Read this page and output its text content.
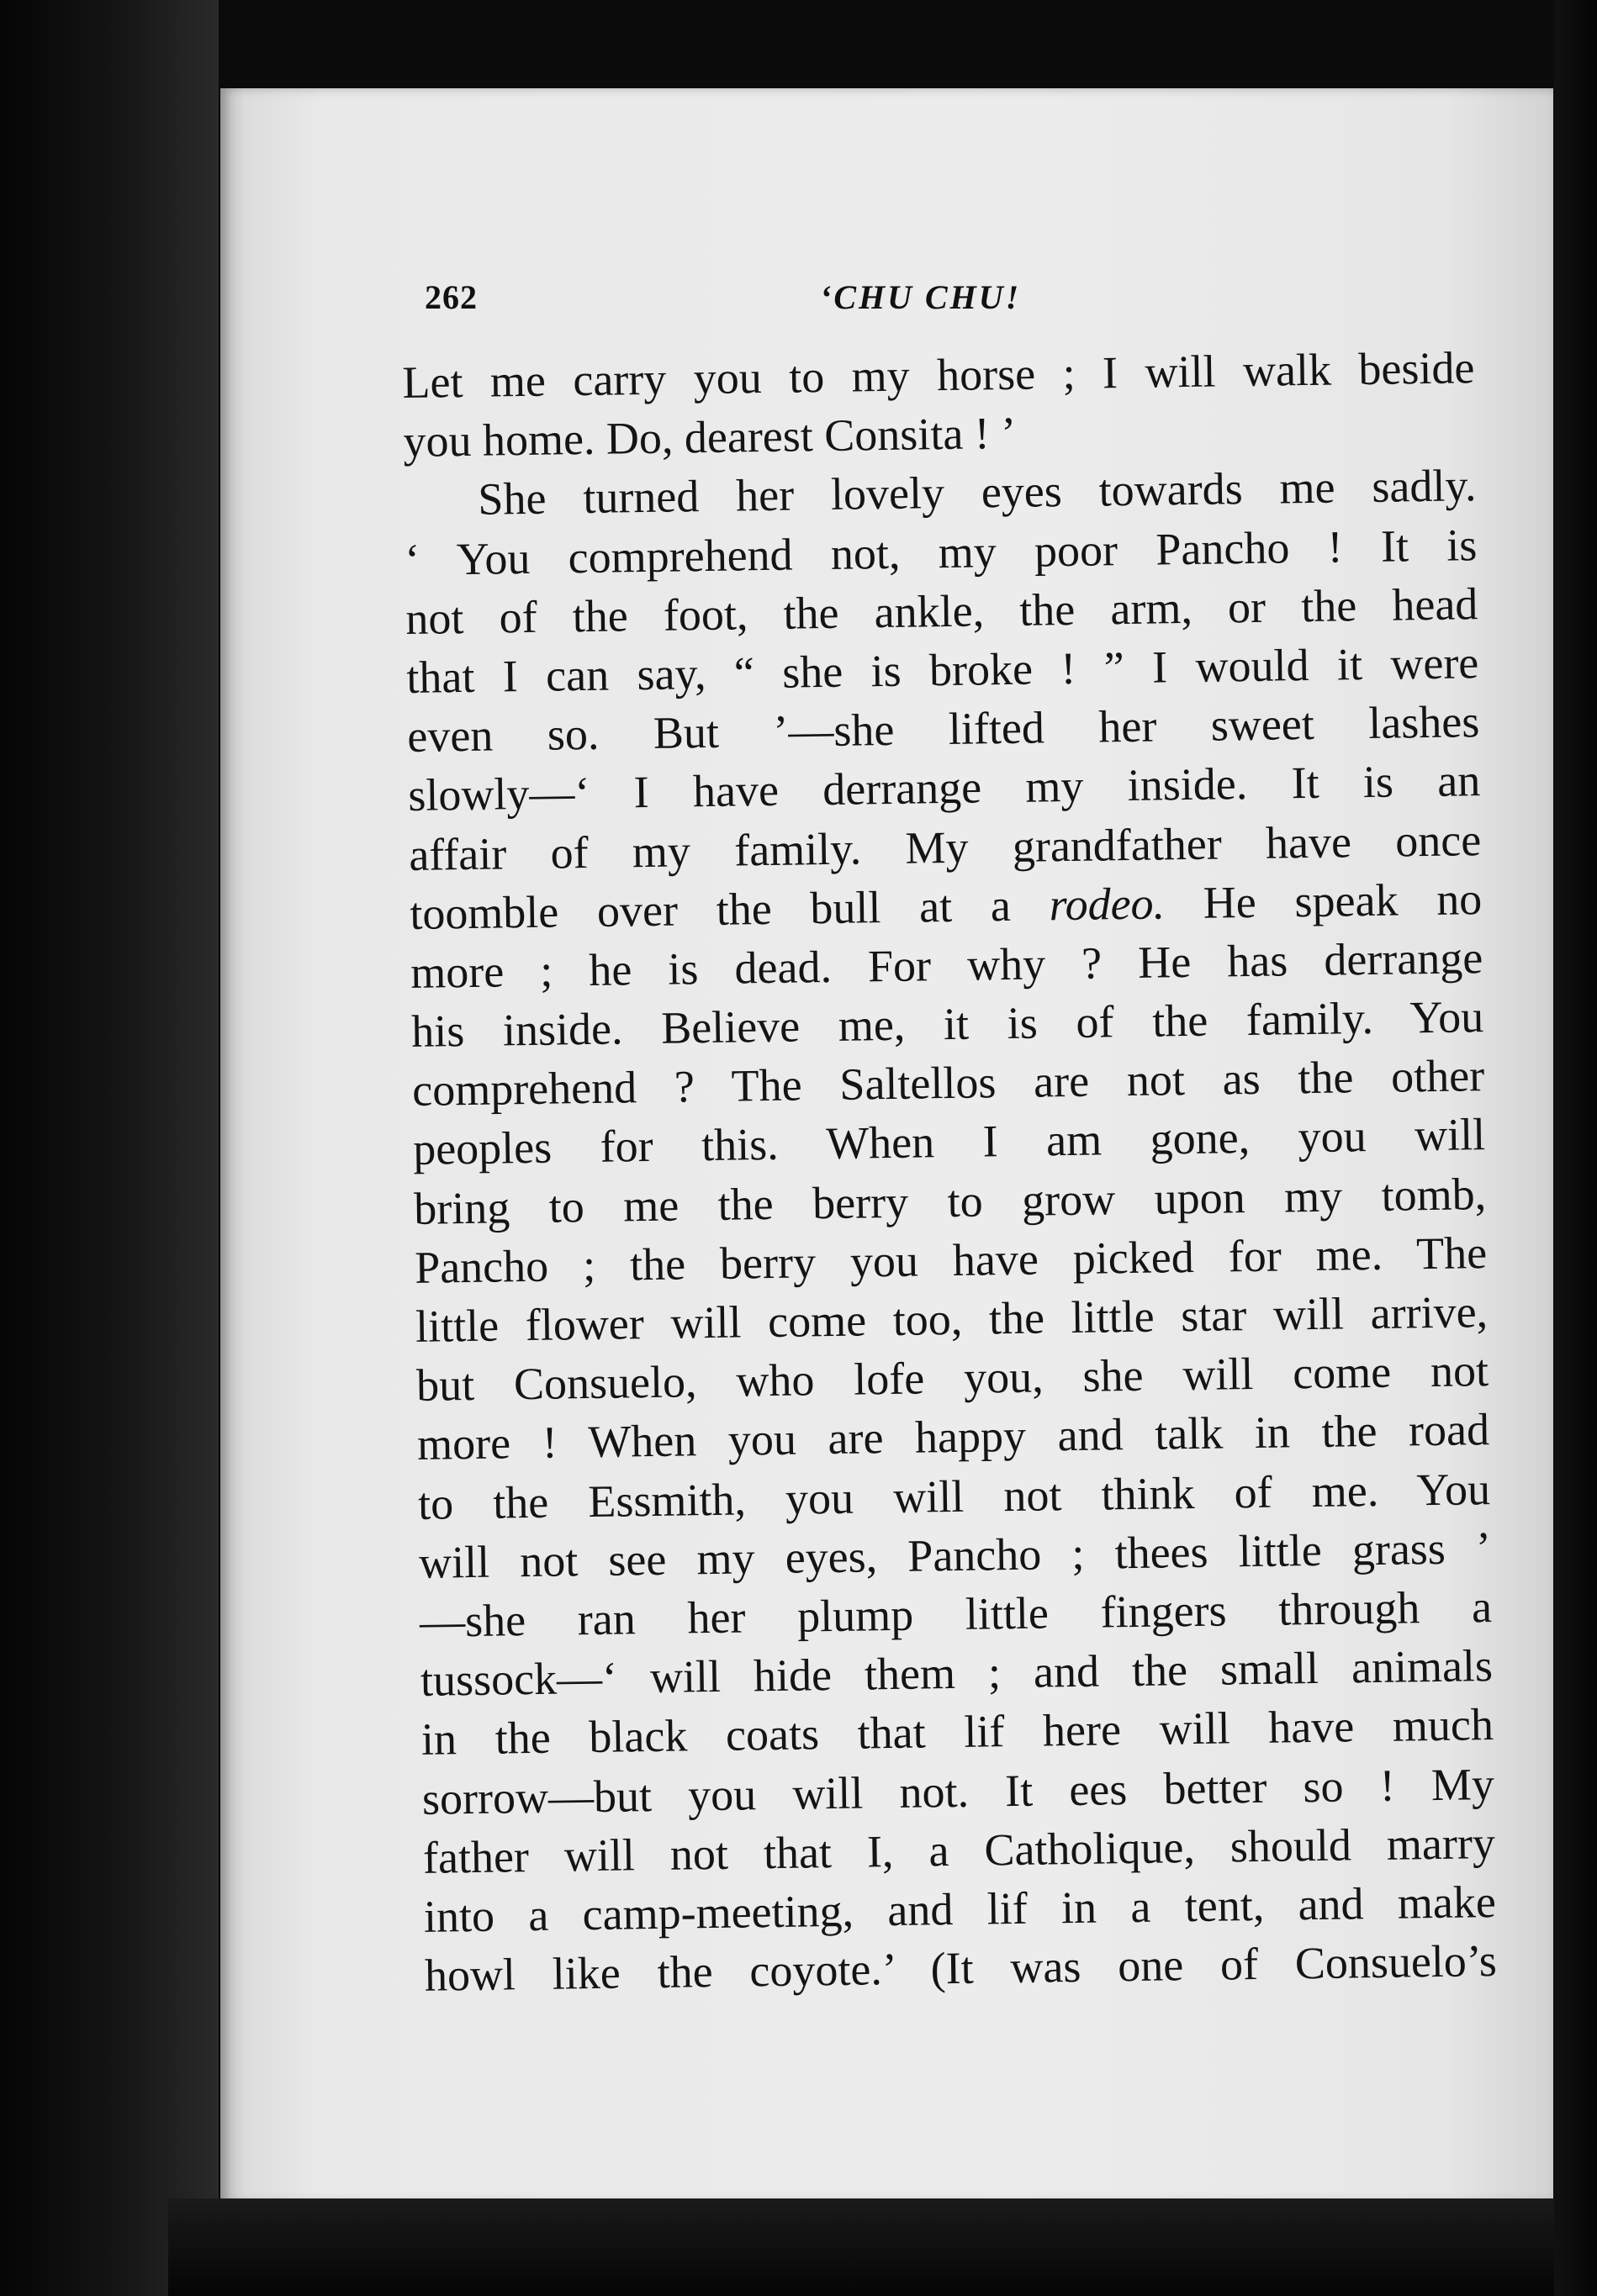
262	‘CHU CHU!
Let me carry you to my horse ; I will walk beside
you home. Do, dearest Consita ! ’
She turned her lovely eyes towards me sadly.
‘ You comprehend not, my poor Pancho ! It is
not of the foot, the ankle, the arm, or the head
that I can say, “ she is broke ! ” I would it were
even so. But ’—she lifted her sweet lashes
slowly—‘ I have derrange my inside. It is an
affair of my family. My grandfather have once
toomble over the bull at a rodeo. He speak no
more ; he is dead. For why ? He has derrange
his inside. Believe me, it is of the family. You
comprehend ? The Saltellos are not as the other
peoples for this. When I am gone, you will
bring to me the berry to grow upon my tomb,
Pancho ; the berry you have picked for me. The
little flower will come too, the little star will arrive,
but Consuelo, who lofe you, she will come not
more ! When you are happy and talk in the road
to the Essmith, you will not think of me. You
will not see my eyes, Pancho ; thees little grass ’
—she ran her plump little fingers through a
tussock—‘ will hide them ; and the small animals
in the black coats that lif here will have much
sorrow—but you will not. It ees better so ! My
father will not that I, a Catholique, should marry
into a camp-meeting, and lif in a tent, and make
howl like the coyote.’ (It was one of Consuelo’s
